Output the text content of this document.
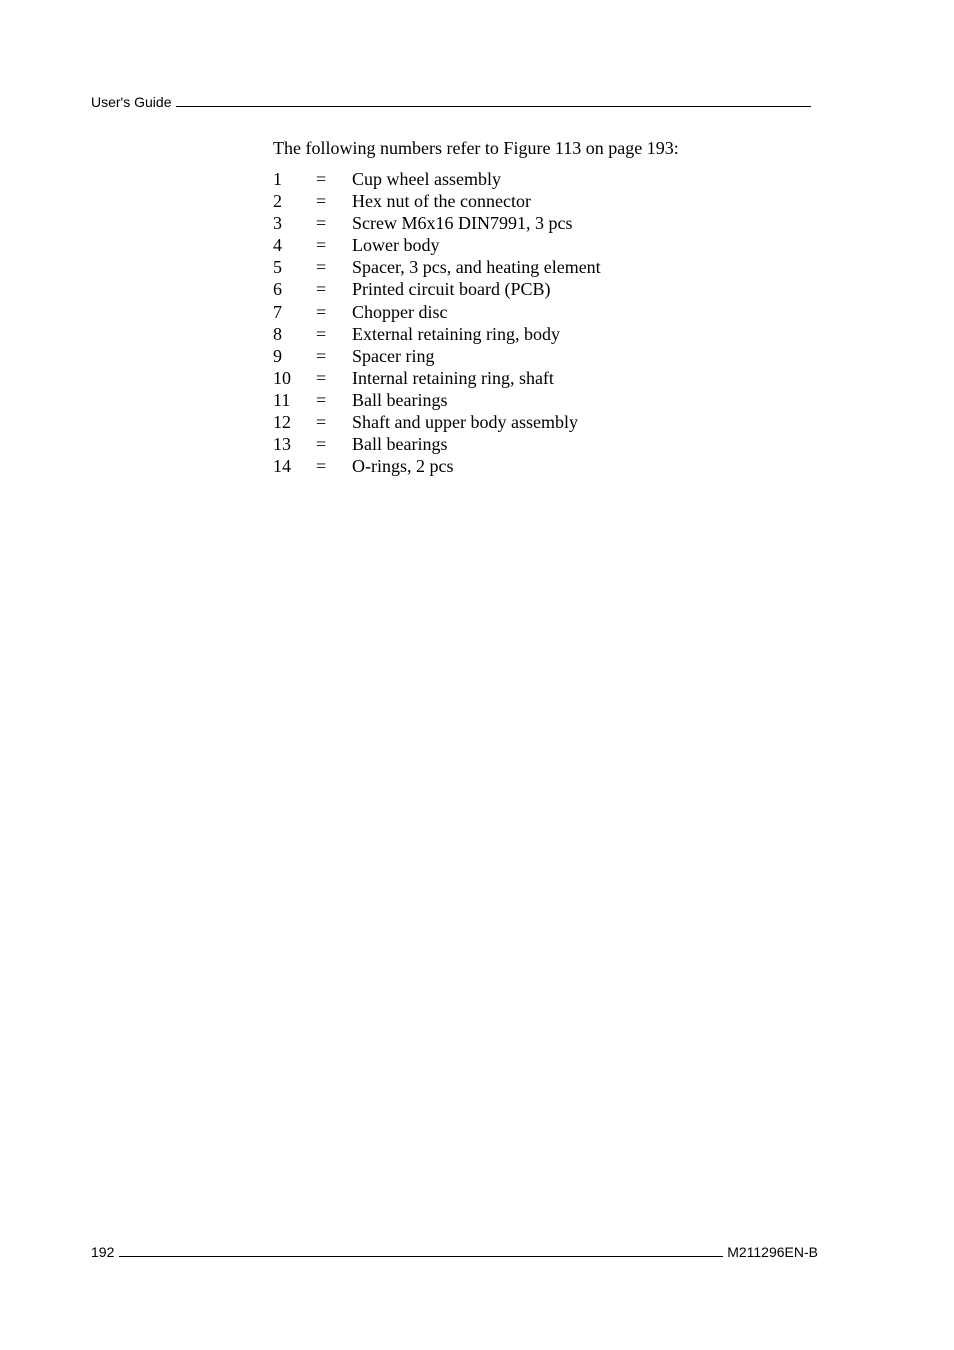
User's Guide
The following numbers refer to Figure 113 on page 193:
1	=	Cup wheel assembly
2	=	Hex nut of the connector
3	=	Screw M6x16 DIN7991, 3 pcs
4	=	Lower body
5	=	Spacer, 3 pcs, and heating element
6	=	Printed circuit board (PCB)
7	=	Chopper disc
8	=	External retaining ring, body
9	=	Spacer ring
10	=	Internal retaining ring, shaft
11	=	Ball bearings
12	=	Shaft and upper body assembly
13	=	Ball bearings
14	=	O-rings, 2 pcs
192	M211296EN-B
